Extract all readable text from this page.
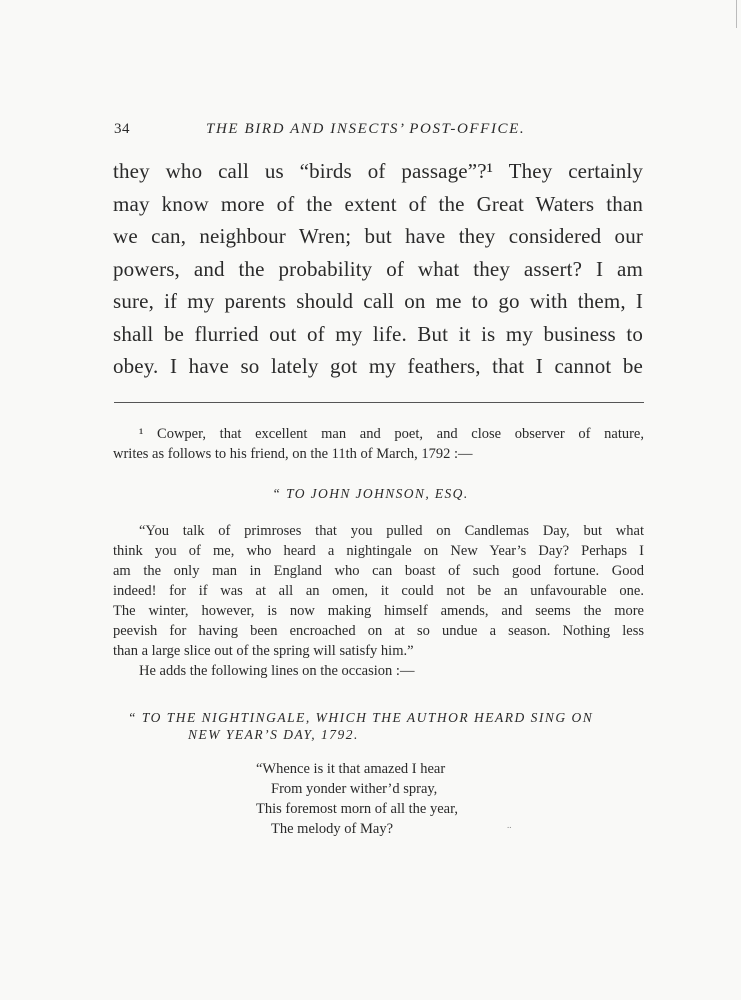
34	THE BIRD AND INSECTS’ POST-OFFICE.
they who call us “birds of passage”?¹ They certainly
may know more of the extent of the Great Waters than
we can, neighbour Wren; but have they considered our
powers, and the probability of what they assert? I am
sure, if my parents should call on me to go with them, I
shall be flurried out of my life. But it is my business to
obey. I have so lately got my feathers, that I cannot be
¹ Cowper, that excellent man and poet, and close observer of nature,
writes as follows to his friend, on the 11th of March, 1792 :—
“ TO JOHN JOHNSON, ESQ.
“You talk of primroses that you pulled on Candlemas Day, but what
think you of me, who heard a nightingale on New Year’s Day? Perhaps I
am the only man in England who can boast of such good fortune. Good
indeed! for if was at all an omen, it could not be an unfavourable one.
The winter, however, is now making himself amends, and seems the more
peevish for having been encroached on at so undue a season. Nothing less
than a large slice out of the spring will satisfy him.”
He adds the following lines on the occasion :—
“ TO THE NIGHTINGALE, WHICH THE AUTHOR HEARD SING ON
NEW YEAR’S DAY, 1792.
“Whence is it that amazed I hear
From yonder wither’d spray,
This foremost morn of all the year,
The melody of May?	..
